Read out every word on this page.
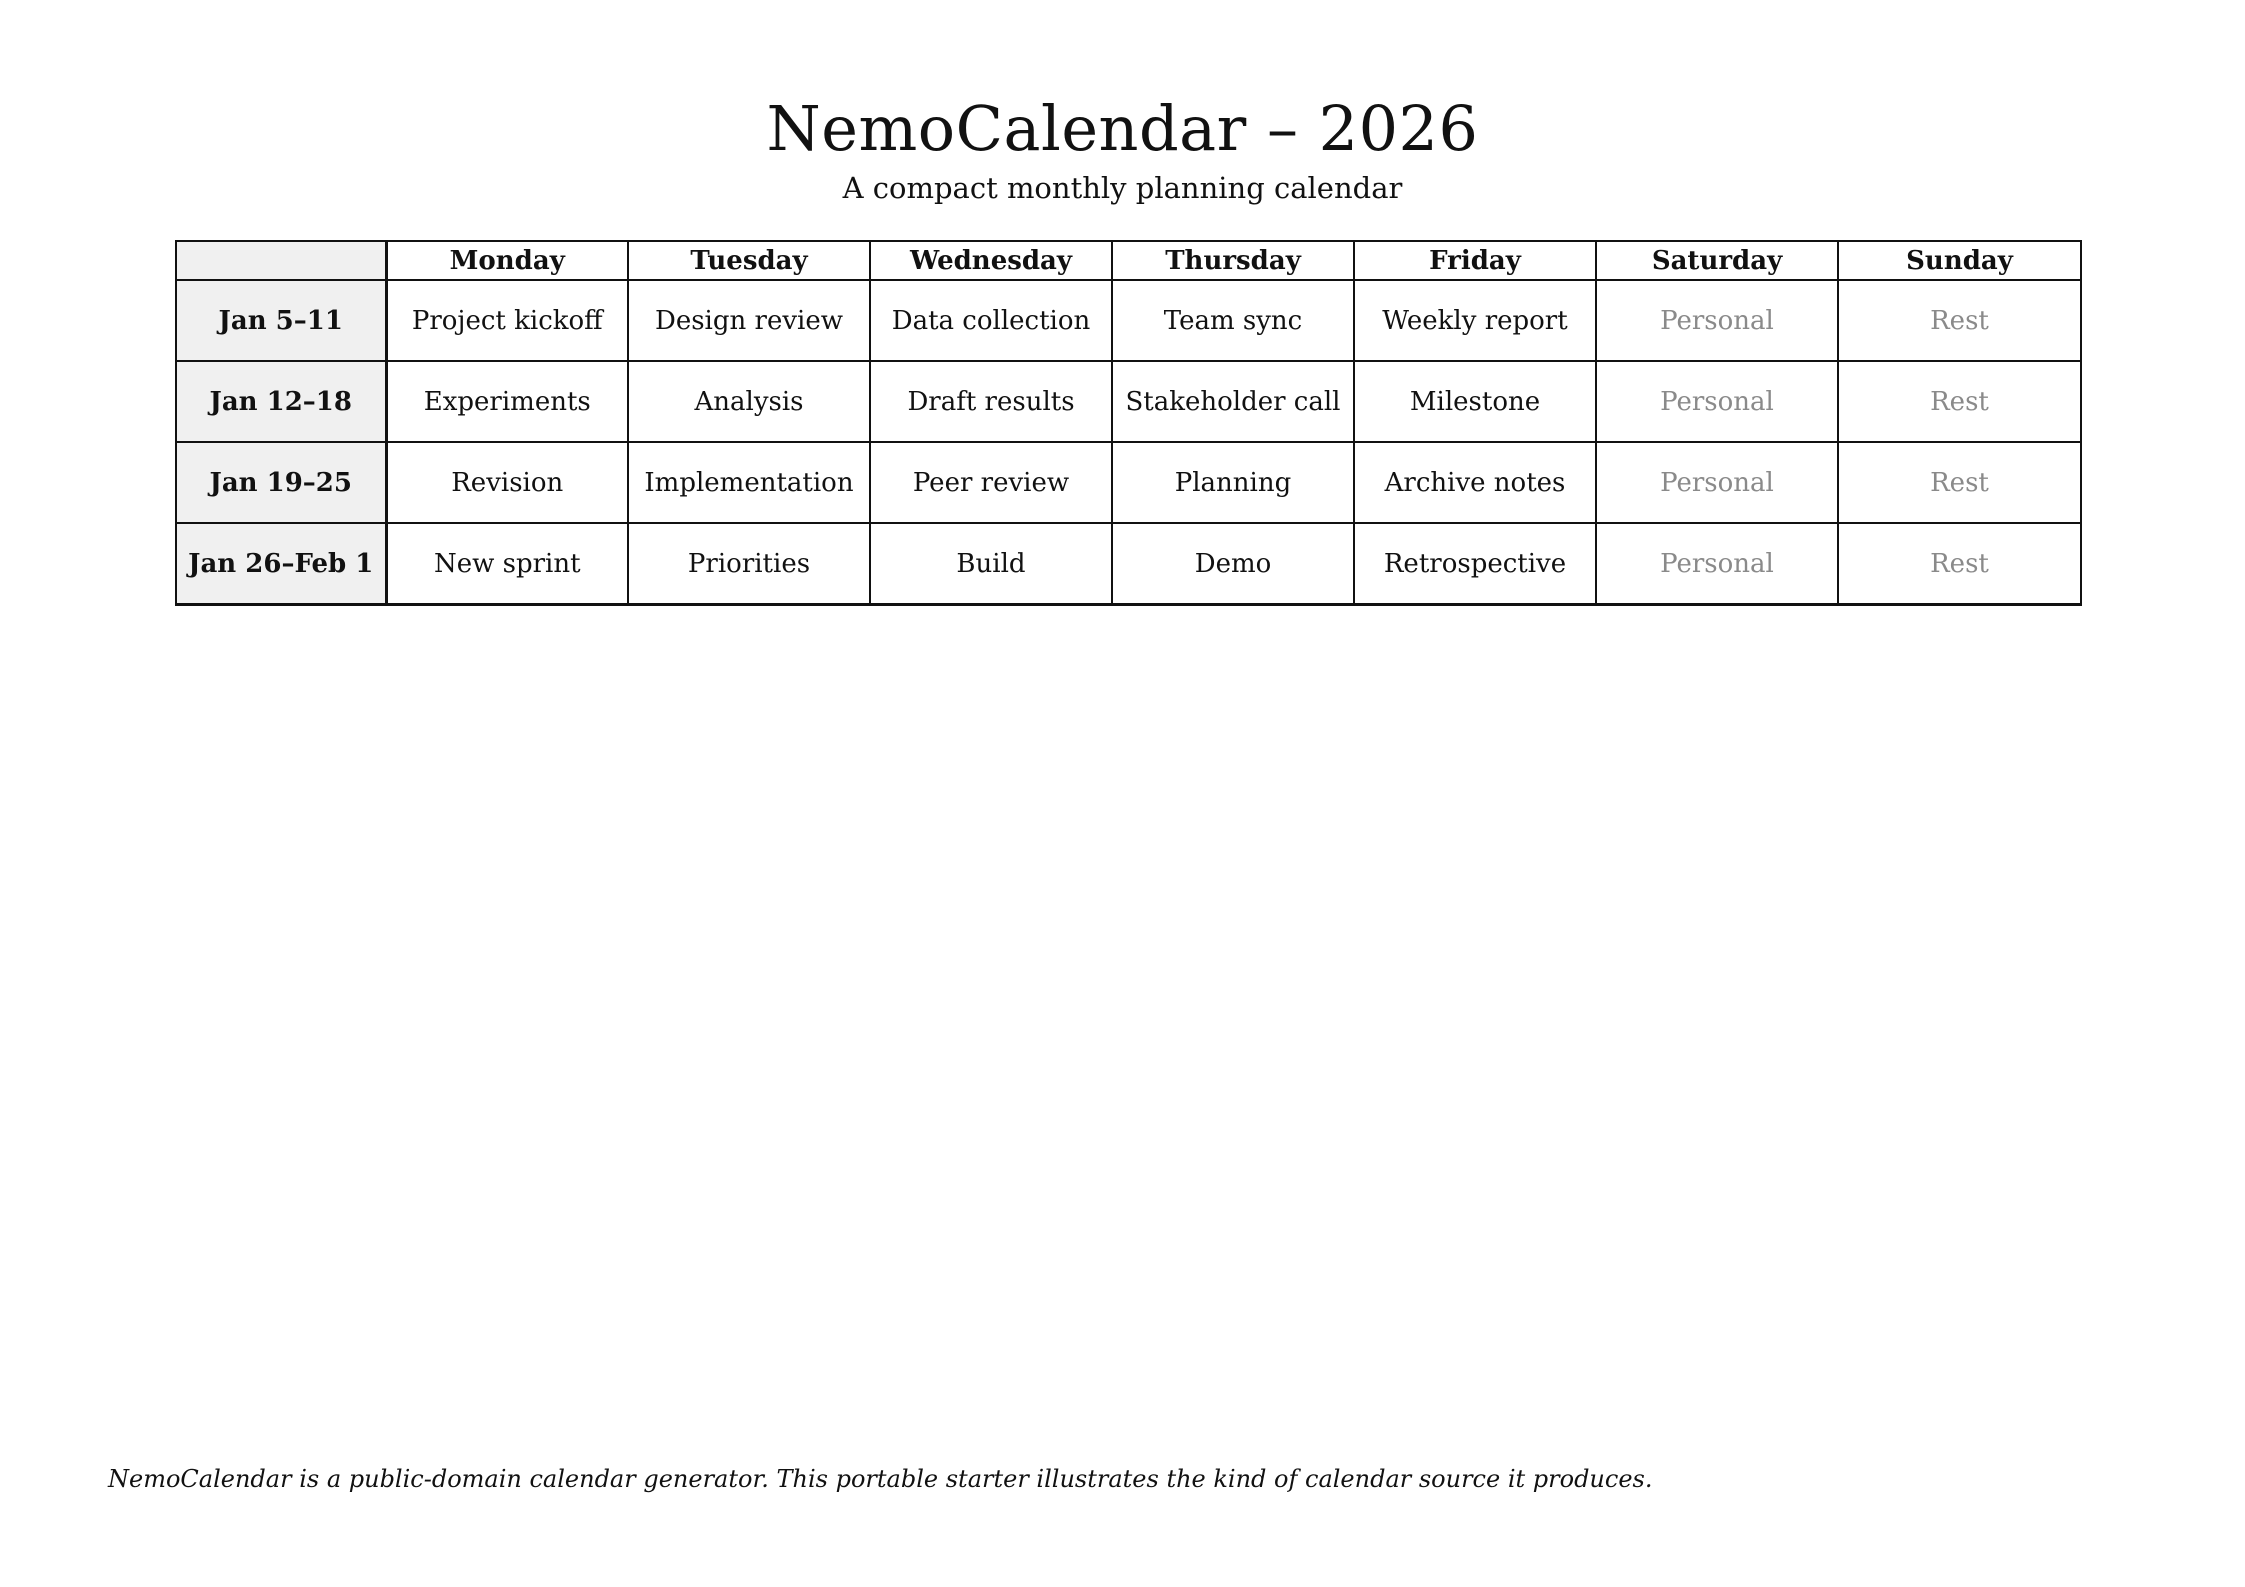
NemoCalendar – 2026
A compact monthly planning calendar
	Monday	Tuesday	Wednesday	Thursday	Friday	Saturday	Sunday
Jan 5–11	Project kickoff	Design review	Data collection	Team sync	Weekly report	Personal	Rest
Jan 12–18	Experiments	Analysis	Draft results	Stakeholder call	Milestone	Personal	Rest
Jan 19–25	Revision	Implementation	Peer review	Planning	Archive notes	Personal	Rest
Jan 26–Feb 1	New sprint	Priorities	Build	Demo	Retrospective	Personal	Rest
NemoCalendar is a public-domain calendar generator. This portable starter illustrates the kind of calendar source it produces.
